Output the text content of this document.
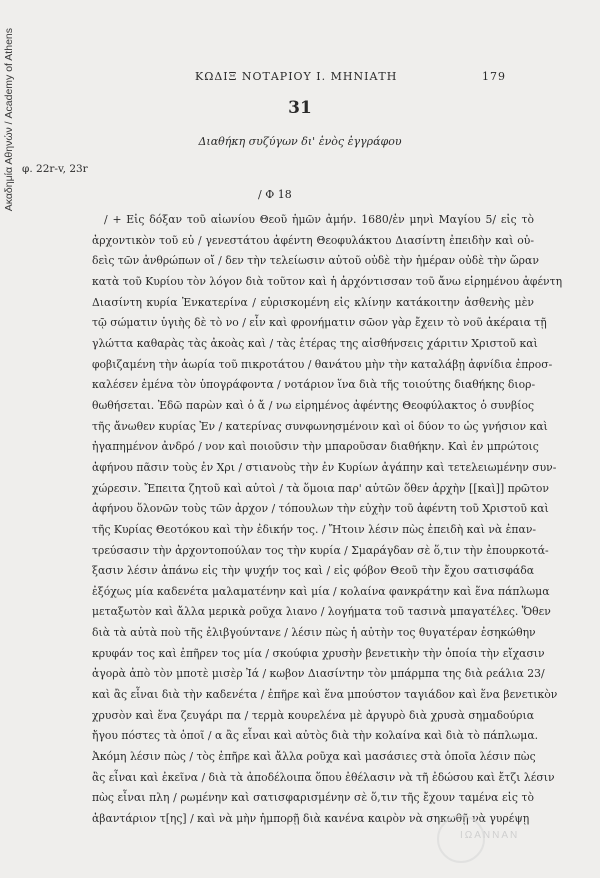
Ακαδημία Αθηνών / Academy of Athens	ΚΩΔΙΞ ΝΟΤΑΡΙΟΥ Ι. ΜΗΝΙΑΤΗ	179
31
Διαθήκη συζύγων δι' ἑνὸς ἐγγράφου
φ. 22r-v, 23r
/ Φ 18
/ + Εἰς δόξαν τοῦ αἰωνίου Θεοῦ ἡμῶν ἀμήν. 1680/ἐν μηνὶ Μαγίου 5/ εἰς τὸ
ἀρχοντικὸν τοῦ εὐ / γενεστάτου ἀφέντη Θεοφυλάκτου Διασίντη ἐπειδὴν καὶ οὐ-
δεὶς τῶν ἀνθρώπων οἴ / δεν τὴν τελείωσιν αὐτοῦ οὐδὲ τὴν ἡμέραν οὐδὲ τὴν ὥραν
κατὰ τοῦ Κυρίου τὸν λόγον διὰ τοῦτον καὶ ἡ ἀρχόντισσαν τοῦ ἄνω εἰρημένου ἀφέντη
Διασίντη κυρία Ἐνκατερίνα / εὑρισκομένη εἰς κλίνην κατάκοιτην ἀσθενὴς μὲν
τῷ σώματιν ὑγιὴς δὲ τὸ νο / εἶν καὶ φρονήματιν σῶον γὰρ ἔχειν τὸ νοῦ ἀκέραια τῇ
γλώττα καθαρὰς τὰς ἀκοὰς καὶ / τὰς ἑτέρας της αἰσθήνσεις χάριτιν Χριστοῦ καὶ
φοβιζαμένη τὴν ἀωρία τοῦ πικροτάτου / θανάτου μὴν τὴν καταλάβῃ ἀφνίδια ἐπροσ-
καλέσεν ἐμένα τὸν ὑπογράφοντα / νοτάριον ἵνα διὰ τῆς τοιούτης διαθήκης διορ-
θωθήσεται. Ἐδῶ παρὼν καὶ ὁ ἄ / νω εἰρημένος ἀφέντης Θεοφύλακτος ὁ συνβίος
τῆς ἄνωθεν κυρίας Ἐν / κατερίνας συνφωνησμένοιν καὶ οἱ δύον το ὡς γνήσιον καὶ
ἠγαπημένον ἀνδρό / νον καὶ ποιοῦσιν τὴν μπαροῦσαν διαθήκην. Καὶ ἐν μπρώτοις
ἀφήνου πᾶσιν τοὺς ἐν Χρι / στιανοὺς τὴν ἐν Κυρίων ἀγάπην καὶ τετελειωμένην συν-
χώρεσιν. Ἔπειτα ζητοῦ καὶ αὐτοὶ / τὰ ὅμοια παρ' αὐτῶν ὅθεν ἀρχὴν [[καὶ]] πρῶτον
ἀφήνου ὅλονῶν τοὺς τῶν ἀρχον / τόπουλων τὴν εὐχὴν τοῦ ἀφέντη τοῦ Χριστοῦ καὶ
τῆς Κυρίας Θεοτόκου καὶ τὴν ἐδικήν τος. / Ἤτοιν λέσιν πὼς ἐπειδὴ καὶ νὰ ἐπαν-
τρεύσασιν τὴν ἀρχοντοπούλαν τος τὴν κυρία / Σμαράγδαν σὲ ὅ,τιν τὴν ἐπουρκοτά-
ξασιν λέσιν ἀπάνω εἰς τὴν ψυχήν τος καὶ / εἰς φόβον Θεοῦ τὴν ἔχου σατισφάδα
ἐξόχως μία καδενέτα μαλαματένην καὶ μία / κολαίνα φανκράτην καὶ ἕνα πάπλωμα
μεταξωτὸν καὶ ἄλλα μερικὰ ροῦχα λιανο / λογήματα τοῦ τασινὰ μπαγατέλες. Ὅθεν
διὰ τὰ αὐτὰ ποὺ τῆς ἐλιβγούντανε / λέσιν πὼς ἡ αὐτὴν τος θυγατέραν ἐσηκώθην
κρυφάν τος καὶ ἐπῆρεν τος μία / σκούφια χρυσὴν βενετικὴν τὴν ὁποία τὴν εἴχασιν
ἀγορὰ ἀπὸ τὸν μποτὲ μισὲρ Ἰά / κωβον Διασίντην τὸν μπάρμπα της διὰ ρεάλια 23/
καὶ ἂς εἶναι διὰ τὴν καδενέτα / ἐπῆρε καὶ ἕνα μπούστον ταγιάδον καὶ ἕνα βενετικὸν
χρυσὸν καὶ ἕνα ζευγάρι πα / τερμὰ κουρελένα μὲ ἀργυρὸ διὰ χρυσὰ σημαδούρια
ἤγου πόστες τὰ ὁποῖ / α ἂς εἶναι καὶ αὐτὸς διὰ τὴν κολαίνα καὶ διὰ τὸ πάπλωμα.
Ἀκόμη λέσιν πὼς / τὸς ἐπῆρε καὶ ἄλλα ροῦχα καὶ μασάσιες στὰ ὁποῖα λέσιν πὼς
ἂς εἶναι καὶ ἐκεῖνα / διὰ τὰ ἀποδέλοιπα ὅπου ἐθέλασιν νὰ τῆ ἐδώσου καὶ ἔτζι λέσιν
πὼς εἶναι πλη / ρωμένην καὶ σατισφαρισμένην σὲ ὅ,τιν τῆς ἔχουν ταμένα εἰς τὸ
ἀβαντάριον τ[ης] / καὶ νὰ μὴν ἠμπορῇ διὰ κανένα καιρὸν νὰ σηκωθῇ νὰ γυρέψῃ
ΙΩΑΝΝΑΝ
